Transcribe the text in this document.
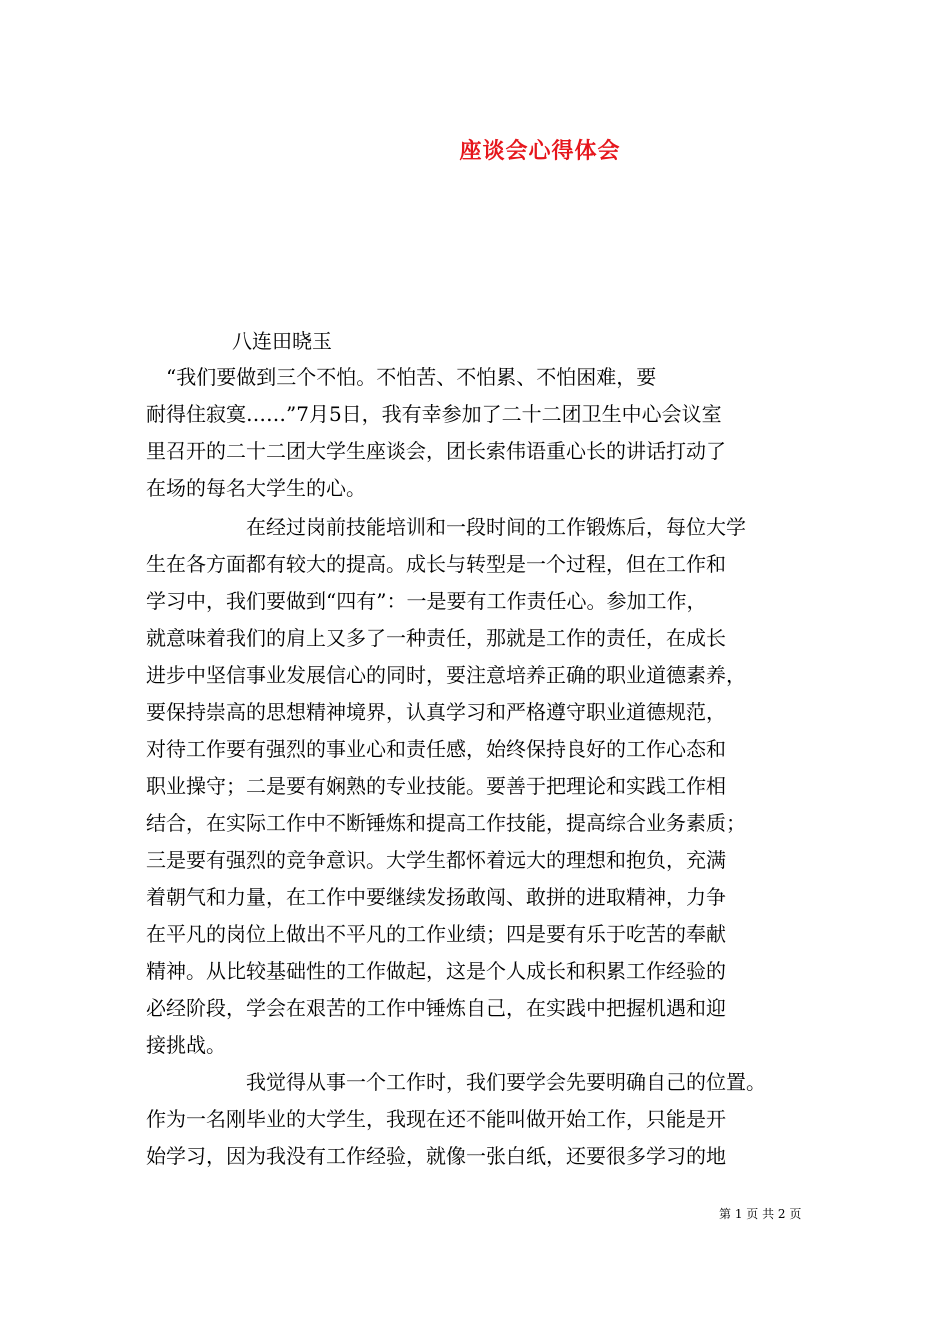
座谈会心得体会
八连田晓玉
　“我们要做到三个不怕。不怕苦、不怕累、不怕困难，要
耐得住寂寞……”7月5日，我有幸参加了二十二团卫生中心会议室
里召开的二十二团大学生座谈会，团长索伟语重心长的讲话打动了
在场的每名大学生的心。
　　　　　在经过岗前技能培训和一段时间的工作锻炼后，每位大学
生在各方面都有较大的提高。成长与转型是一个过程，但在工作和
学习中，我们要做到“四有”：一是要有工作责任心。参加工作，
就意味着我们的肩上又多了一种责任，那就是工作的责任，在成长
进步中坚信事业发展信心的同时，要注意培养正确的职业道德素养，
要保持崇高的思想精神境界，认真学习和严格遵守职业道德规范，
对待工作要有强烈的事业心和责任感，始终保持良好的工作心态和
职业操守；二是要有娴熟的专业技能。要善于把理论和实践工作相
结合，在实际工作中不断锤炼和提高工作技能，提高综合业务素质；
三是要有强烈的竞争意识。大学生都怀着远大的理想和抱负，充满
着朝气和力量，在工作中要继续发扬敢闯、敢拼的进取精神，力争
在平凡的岗位上做出不平凡的工作业绩；四是要有乐于吃苦的奉献
精神。从比较基础性的工作做起，这是个人成长和积累工作经验的
必经阶段，学会在艰苦的工作中锤炼自己，在实践中把握机遇和迎
接挑战。
　　　　　我觉得从事一个工作时，我们要学会先要明确自己的位置。
作为一名刚毕业的大学生，我现在还不能叫做开始工作，只能是开
始学习，因为我没有工作经验，就像一张白纸，还要很多学习的地
第 1 页 共 2 页
